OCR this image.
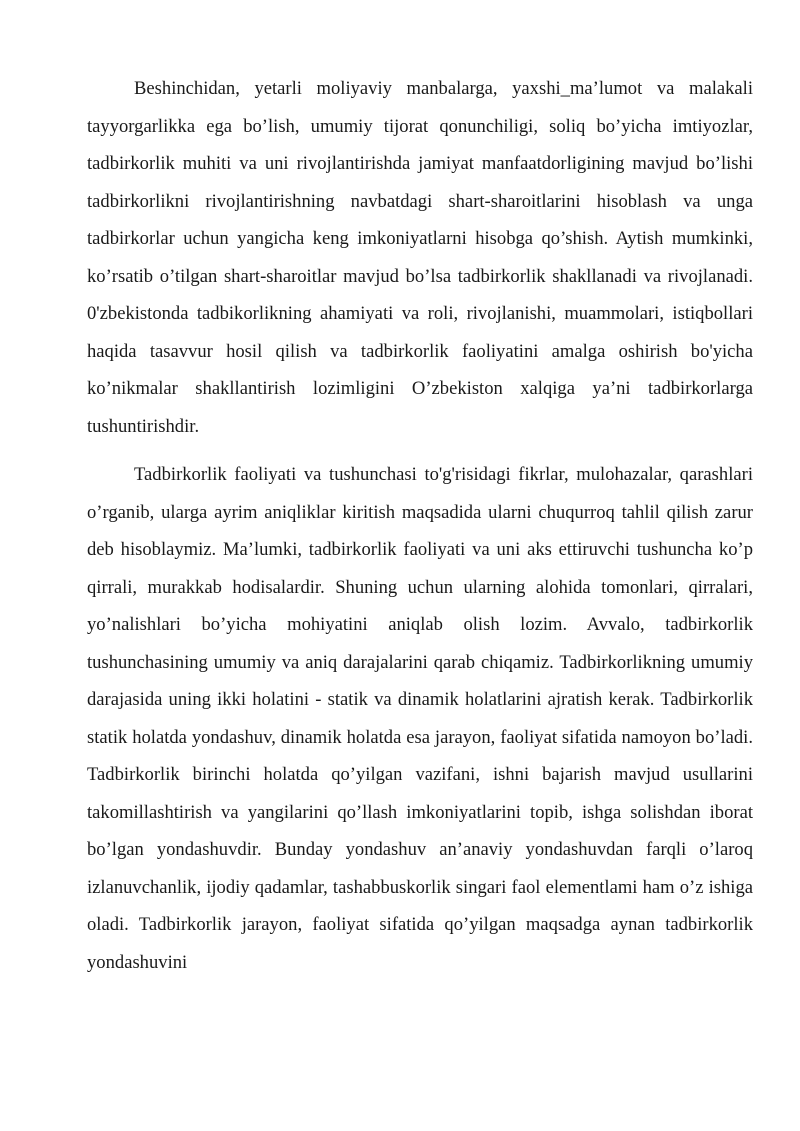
Beshinchidan, yetarli moliyaviy manbalarga, yaxshi_ma’lumot va malakali tayyorgarlikka ega bo’lish, umumiy tijorat qonunchiligi, soliq bo’yicha imtiyozlar, tadbirkorlik muhiti va uni rivojlantirishda jamiyat manfaatdorligining mavjud bo’lishi tadbirkorlikni rivojlantirishning navbatdagi shart-sharoitlarini hisoblash va unga tadbirkorlar uchun yangicha keng imkoniyatlarni hisobga qo’shish. Aytish mumkinki, ko’rsatib o’tilgan shart-sharoitlar mavjud bo’lsa tadbirkorlik shakllanadi va rivojlanadi. 0'zbekistonda tadbikorlikning ahamiyati va roli, rivojlanishi, muammolari, istiqbollari haqida tasavvur hosil qilish va tadbirkorlik faoliyatini amalga oshirish bo'yicha ko’nikmalar shakllantirish lozimligini O’zbekiston xalqiga ya’ni tadbirkorlarga tushuntirishdir.

Tadbirkorlik faoliyati va tushunchasi to'g'risidagi fikrlar, mulohazalar, qarashlari o’rganib, ularga ayrim aniqliklar kiritish maqsadida ularni chuqurroq tahlil qilish zarur deb hisoblaymiz. Ma’lumki, tadbirkorlik faoliyati va uni aks ettiruvchi tushuncha ko’p qirrali, murakkab hodisalardir. Shuning uchun ularning alohida tomonlari, qirralari, yo’nalishlari bo’yicha mohiyatini aniqlab olish lozim. Avvalo, tadbirkorlik tushunchasining umumiy va aniq darajalarini qarab chiqamiz. Tadbirkorlikning umumiy darajasida uning ikki holatini - statik va dinamik holatlarini ajratish kerak. Tadbirkorlik statik holatda yondashuv, dinamik holatda esa jarayon, faoliyat sifatida namoyon bo’ladi. Tadbirkorlik birinchi holatda qo’yilgan vazifani, ishni bajarish mavjud usullarini takomillashtirish va yangilarini qo’llash imkoniyatlarini topib, ishga solishdan iborat bo’lgan yondashuvdir. Bunday yondashuv an’anaviy yondashuvdan farqli o’laroq izlanuvchanlik, ijodiy qadamlar, tashabbuskorlik singari faol elementlami ham o’z ishiga oladi. Tadbirkorlik jarayon, faoliyat sifatida qo’yilgan maqsadga aynan tadbirkorlik yondashuvini
